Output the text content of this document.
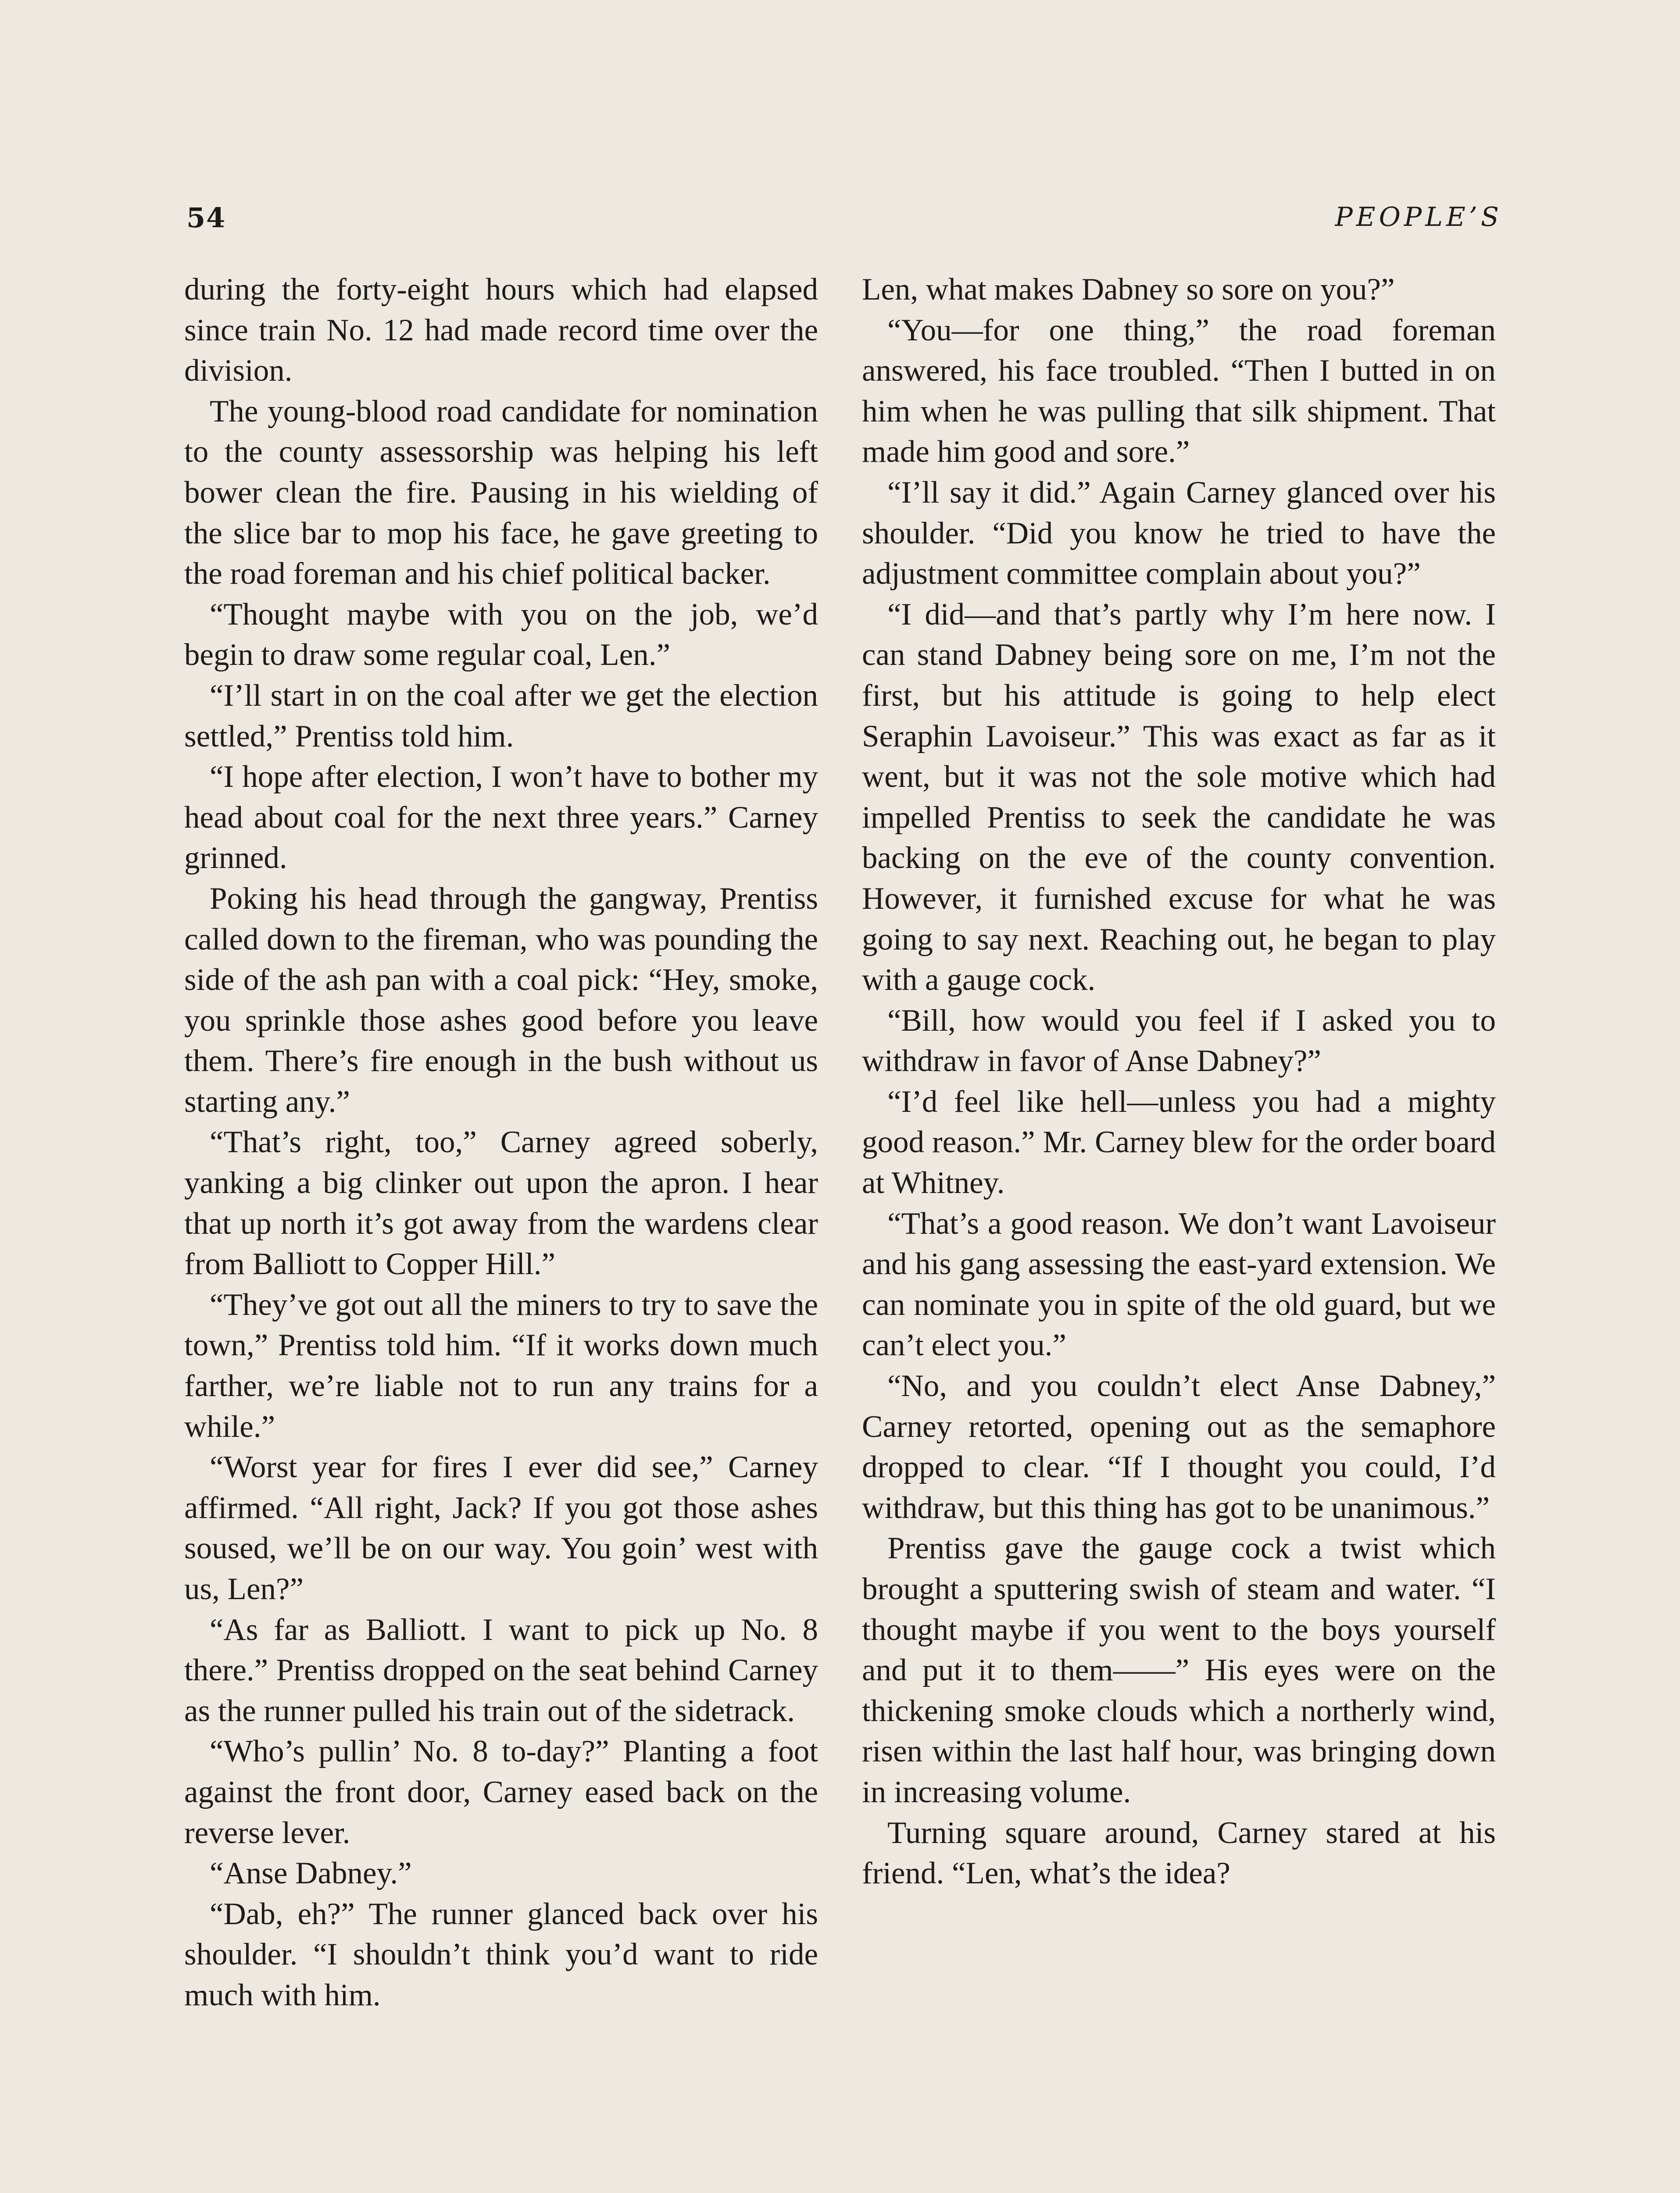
54	PEOPLE’S

during the forty-eight hours which had elapsed since train No. 12 had made record time over the division.

The young-blood road candidate for nomination to the county assessorship was helping his left bower clean the fire. Pausing in his wielding of the slice bar to mop his face, he gave greeting to the road foreman and his chief political backer.

“Thought maybe with you on the job, we’d begin to draw some regular coal, Len.”

“I’ll start in on the coal after we get the election settled,” Prentiss told him.

“I hope after election, I won’t have to bother my head about coal for the next three years.” Carney grinned.

Poking his head through the gangway, Prentiss called down to the fireman, who was pounding the side of the ash pan with a coal pick: “Hey, smoke, you sprinkle those ashes good before you leave them. There’s fire enough in the bush without us starting any.”

“That’s right, too,” Carney agreed soberly, yanking a big clinker out upon the apron. I hear that up north it’s got away from the wardens clear from Balliott to Copper Hill.”

“They’ve got out all the miners to try to save the town,” Prentiss told him. “If it works down much farther, we’re liable not to run any trains for a while.”

“Worst year for fires I ever did see,” Carney affirmed. “All right, Jack? If you got those ashes soused, we’ll be on our way. You goin’ west with us, Len?”

“As far as Balliott. I want to pick up No. 8 there.” Prentiss dropped on the seat behind Carney as the runner pulled his train out of the sidetrack.

“Who’s pullin’ No. 8 to-day?” Planting a foot against the front door, Carney eased back on the reverse lever.

“Anse Dabney.”

“Dab, eh?” The runner glanced back over his shoulder. “I shouldn’t think you’d want to ride much with him.

Len, what makes Dabney so sore on you?”

“You—for one thing,” the road foreman answered, his face troubled. “Then I butted in on him when he was pulling that silk shipment. That made him good and sore.”

“I’ll say it did.” Again Carney glanced over his shoulder. “Did you know he tried to have the adjustment committee complain about you?”

“I did—and that’s partly why I’m here now. I can stand Dabney being sore on me, I’m not the first, but his attitude is going to help elect Seraphin Lavoiseur.” This was exact as far as it went, but it was not the sole motive which had impelled Prentiss to seek the candidate he was backing on the eve of the county convention. However, it furnished excuse for what he was going to say next. Reaching out, he began to play with a gauge cock.

“Bill, how would you feel if I asked you to withdraw in favor of Anse Dabney?”

“I’d feel like hell—unless you had a mighty good reason.” Mr. Carney blew for the order board at Whitney.

“That’s a good reason. We don’t want Lavoiseur and his gang assessing the east-yard extension. We can nominate you in spite of the old guard, but we can’t elect you.”

“No, and you couldn’t elect Anse Dabney,” Carney retorted, opening out as the semaphore dropped to clear. “If I thought you could, I’d withdraw, but this thing has got to be unanimous.”

Prentiss gave the gauge cock a twist which brought a sputtering swish of steam and water. “I thought maybe if you went to the boys yourself and put it to them——” His eyes were on the thickening smoke clouds which a northerly wind, risen within the last half hour, was bringing down in increasing volume.

Turning square around, Carney stared at his friend. “Len, what’s the idea?
